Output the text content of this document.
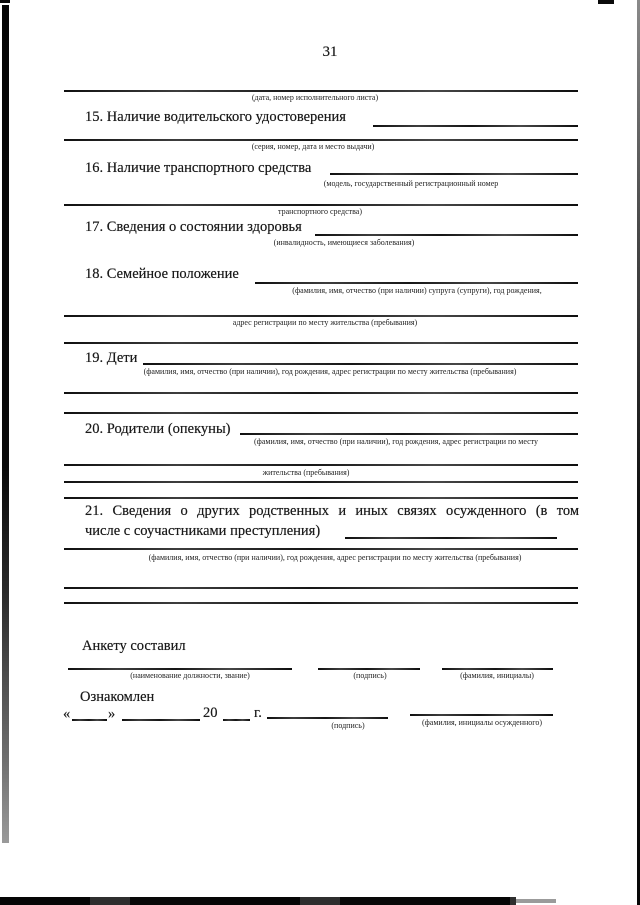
31
(дата, номер исполнительного листа)
15. Наличие водительского удостоверения
(серия, номер, дата и место выдачи)
16. Наличие транспортного средства
(модель, государственный регистрационный номер
транспортного средства)
17. Сведения о состоянии здоровья
(инвалидность, имеющиеся заболевания)
18. Семейное положение
(фамилия, имя, отчество (при наличии) супруга (супруги), год рождения,
адрес регистрации по месту жительства (пребывания)
19. Дети
(фамилия, имя, отчество (при наличии), год рождения, адрес регистрации по месту жительства (пребывания)
20. Родители (опекуны)
(фамилия, имя, отчество (при наличии), год рождения, адрес регистрации по месту
жительства (пребывания)
21. Сведения о других родственных и иных связях осужденного (в том
числе с соучастниками преступления)
(фамилия, имя, отчество (при наличии), год рождения, адрес регистрации по месту жительства (пребывания)
Анкету составил
(наименование должности, звание)	(подпись)	(фамилия, инициалы)
Ознакомлен
«	»	20	г.
(подпись)	(фамилия, инициалы осужденного)
